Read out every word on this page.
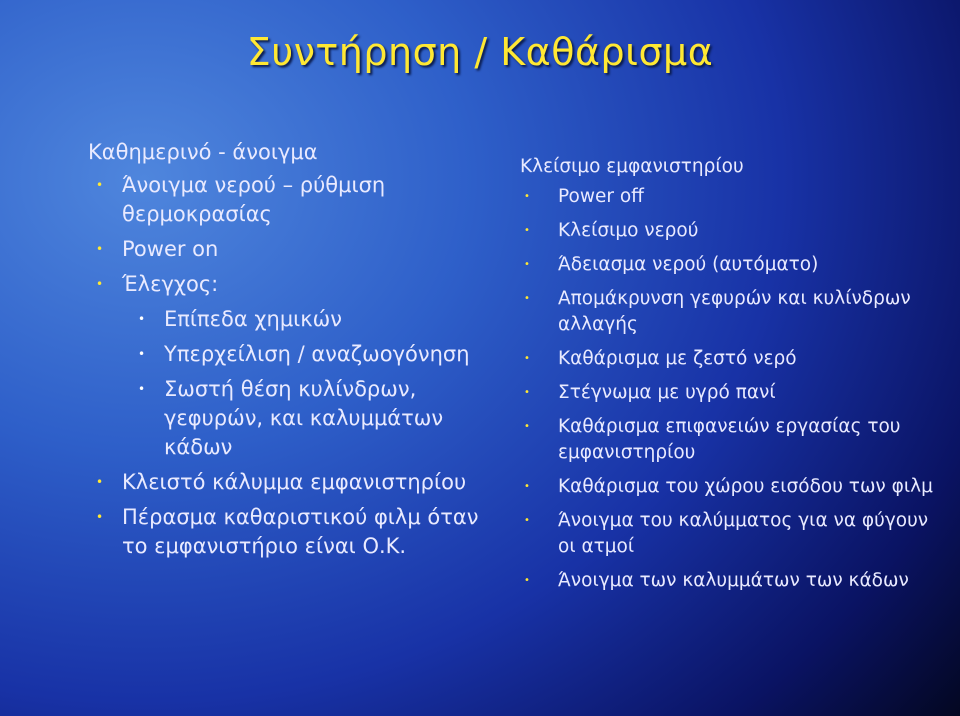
Συντήρηση / Καθάρισμα
Καθημερινό - άνοιγμα
• Άνοιγμα νερού – ρύθμιση θερμοκρασίας
• Power on
• Έλεγχος:
• Επίπεδα χημικών
• Υπερχείλιση / αναζωογόνηση
• Σωστή θέση κυλίνδρων, γεφυρών, και καλυμμάτων κάδων
• Κλειστό κάλυμμα εμφανιστηρίου
• Πέρασμα καθαριστικού φιλμ όταν το εμφανιστήριο είναι Ο.Κ.
Κλείσιμο εμφανιστηρίου
• Power off
• Κλείσιμο νερού
• Άδειασμα νερού (αυτόματο)
• Απομάκρυνση γεφυρών και κυλίνδρων αλλαγής
• Καθάρισμα με ζεστό νερό
• Στέγνωμα με υγρό πανί
• Καθάρισμα επιφανειών εργασίας του εμφανιστηρίου
• Καθάρισμα του χώρου εισόδου των φιλμ
• Άνοιγμα του καλύμματος για να φύγουν οι ατμοί
• Άνοιγμα των καλυμμάτων των κάδων
